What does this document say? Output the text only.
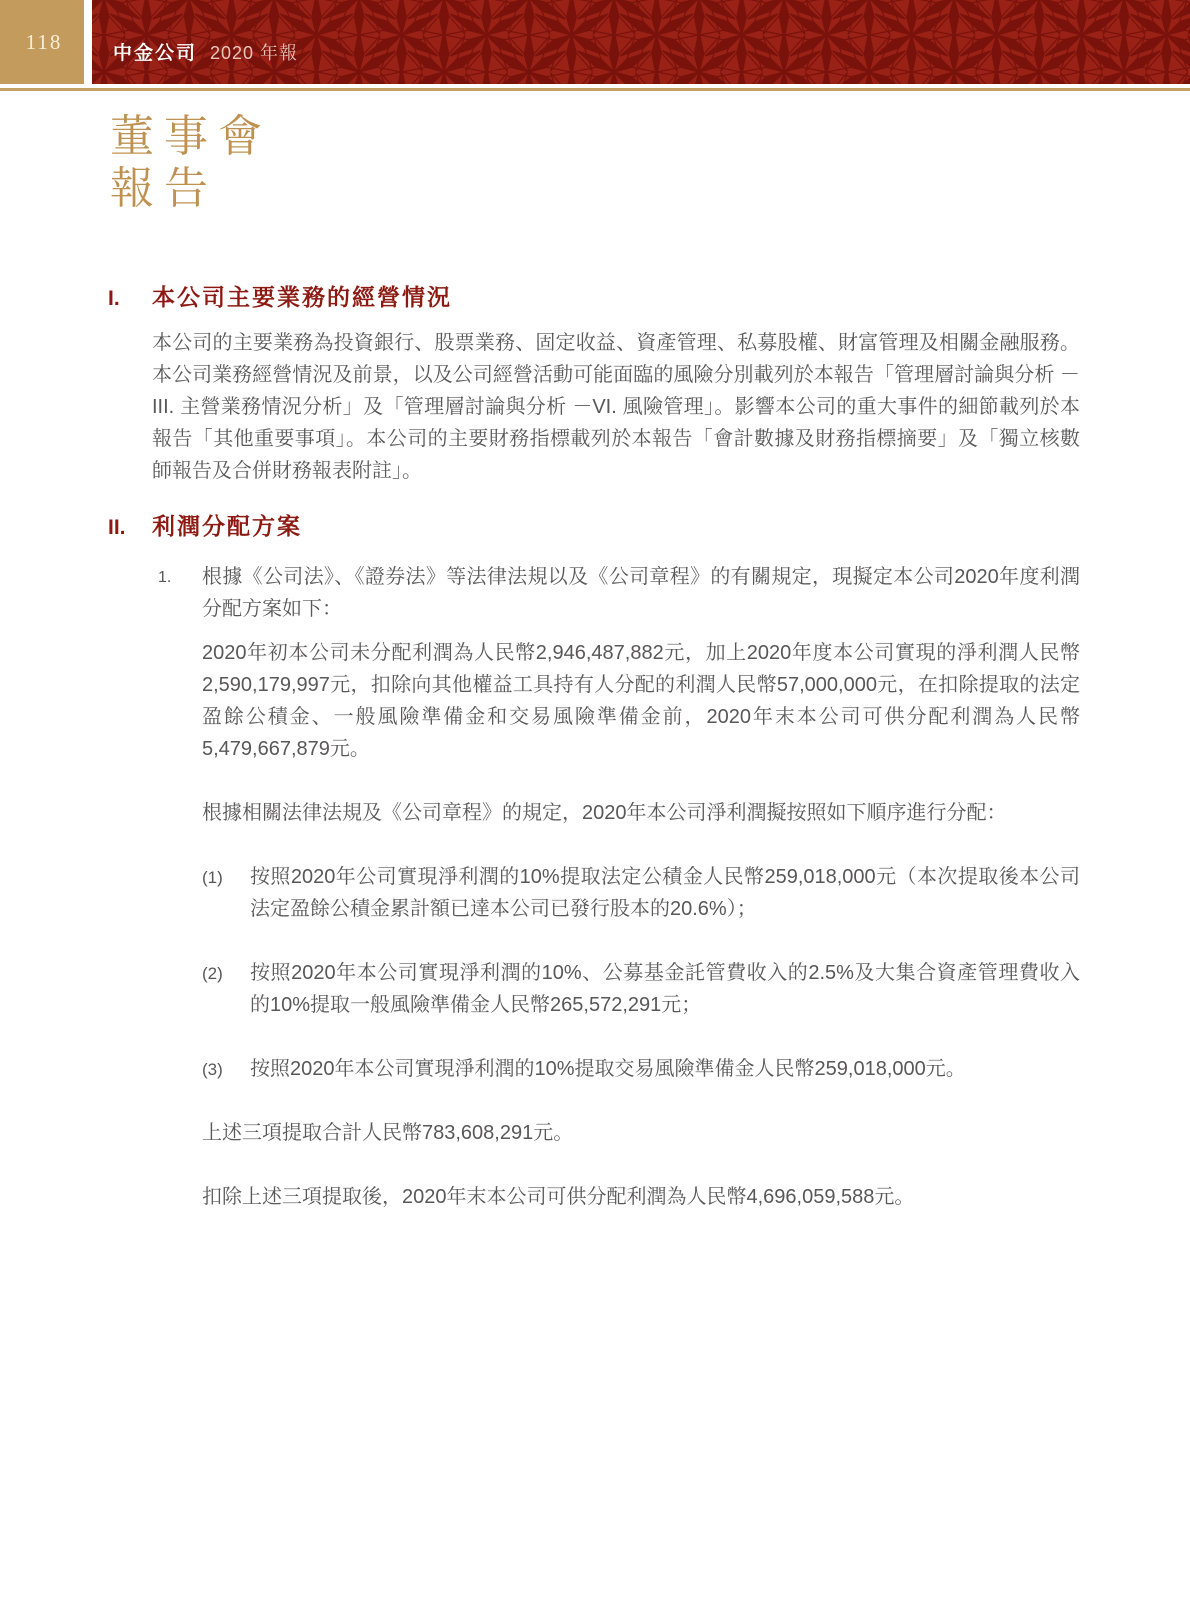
118	中金公司 2020 年報
董事會
報告
I.	本公司主要業務的經營情況
本公司的主要業務為投資銀行、股票業務、固定收益、資產管理、私募股權、財富管理及相關金融服務。本公司業務經營情況及前景，以及公司經營活動可能面臨的風險分別載列於本報告「管理層討論與分析 －III. 主營業務情況分析」及「管理層討論與分析 －VI. 風險管理」。影響本公司的重大事件的細節載列於本報告「其他重要事項」。本公司的主要財務指標載列於本報告「會計數據及財務指標摘要」及「獨立核數師報告及合併財務報表附註」。
II.	利潤分配方案
1. 根據《公司法》、《證券法》等法律法規以及《公司章程》的有關規定，現擬定本公司2020年度利潤分配方案如下：
2020年初本公司未分配利潤為人民幣2,946,487,882元，加上2020年度本公司實現的淨利潤人民幣2,590,179,997元，扣除向其他權益工具持有人分配的利潤人民幣57,000,000元，在扣除提取的法定盈餘公積金、一般風險準備金和交易風險準備金前，2020年末本公司可供分配利潤為人民幣5,479,667,879元。
根據相關法律法規及《公司章程》的規定，2020年本公司淨利潤擬按照如下順序進行分配：
(1) 按照2020年公司實現淨利潤的10%提取法定公積金人民幣259,018,000元（本次提取後本公司法定盈餘公積金累計額已達本公司已發行股本的20.6%）；
(2) 按照2020年本公司實現淨利潤的10%、公募基金託管費收入的2.5%及大集合資產管理費收入的10%提取一般風險準備金人民幣265,572,291元；
(3) 按照2020年本公司實現淨利潤的10%提取交易風險準備金人民幣259,018,000元。
上述三項提取合計人民幣783,608,291元。
扣除上述三項提取後，2020年末本公司可供分配利潤為人民幣4,696,059,588元。
